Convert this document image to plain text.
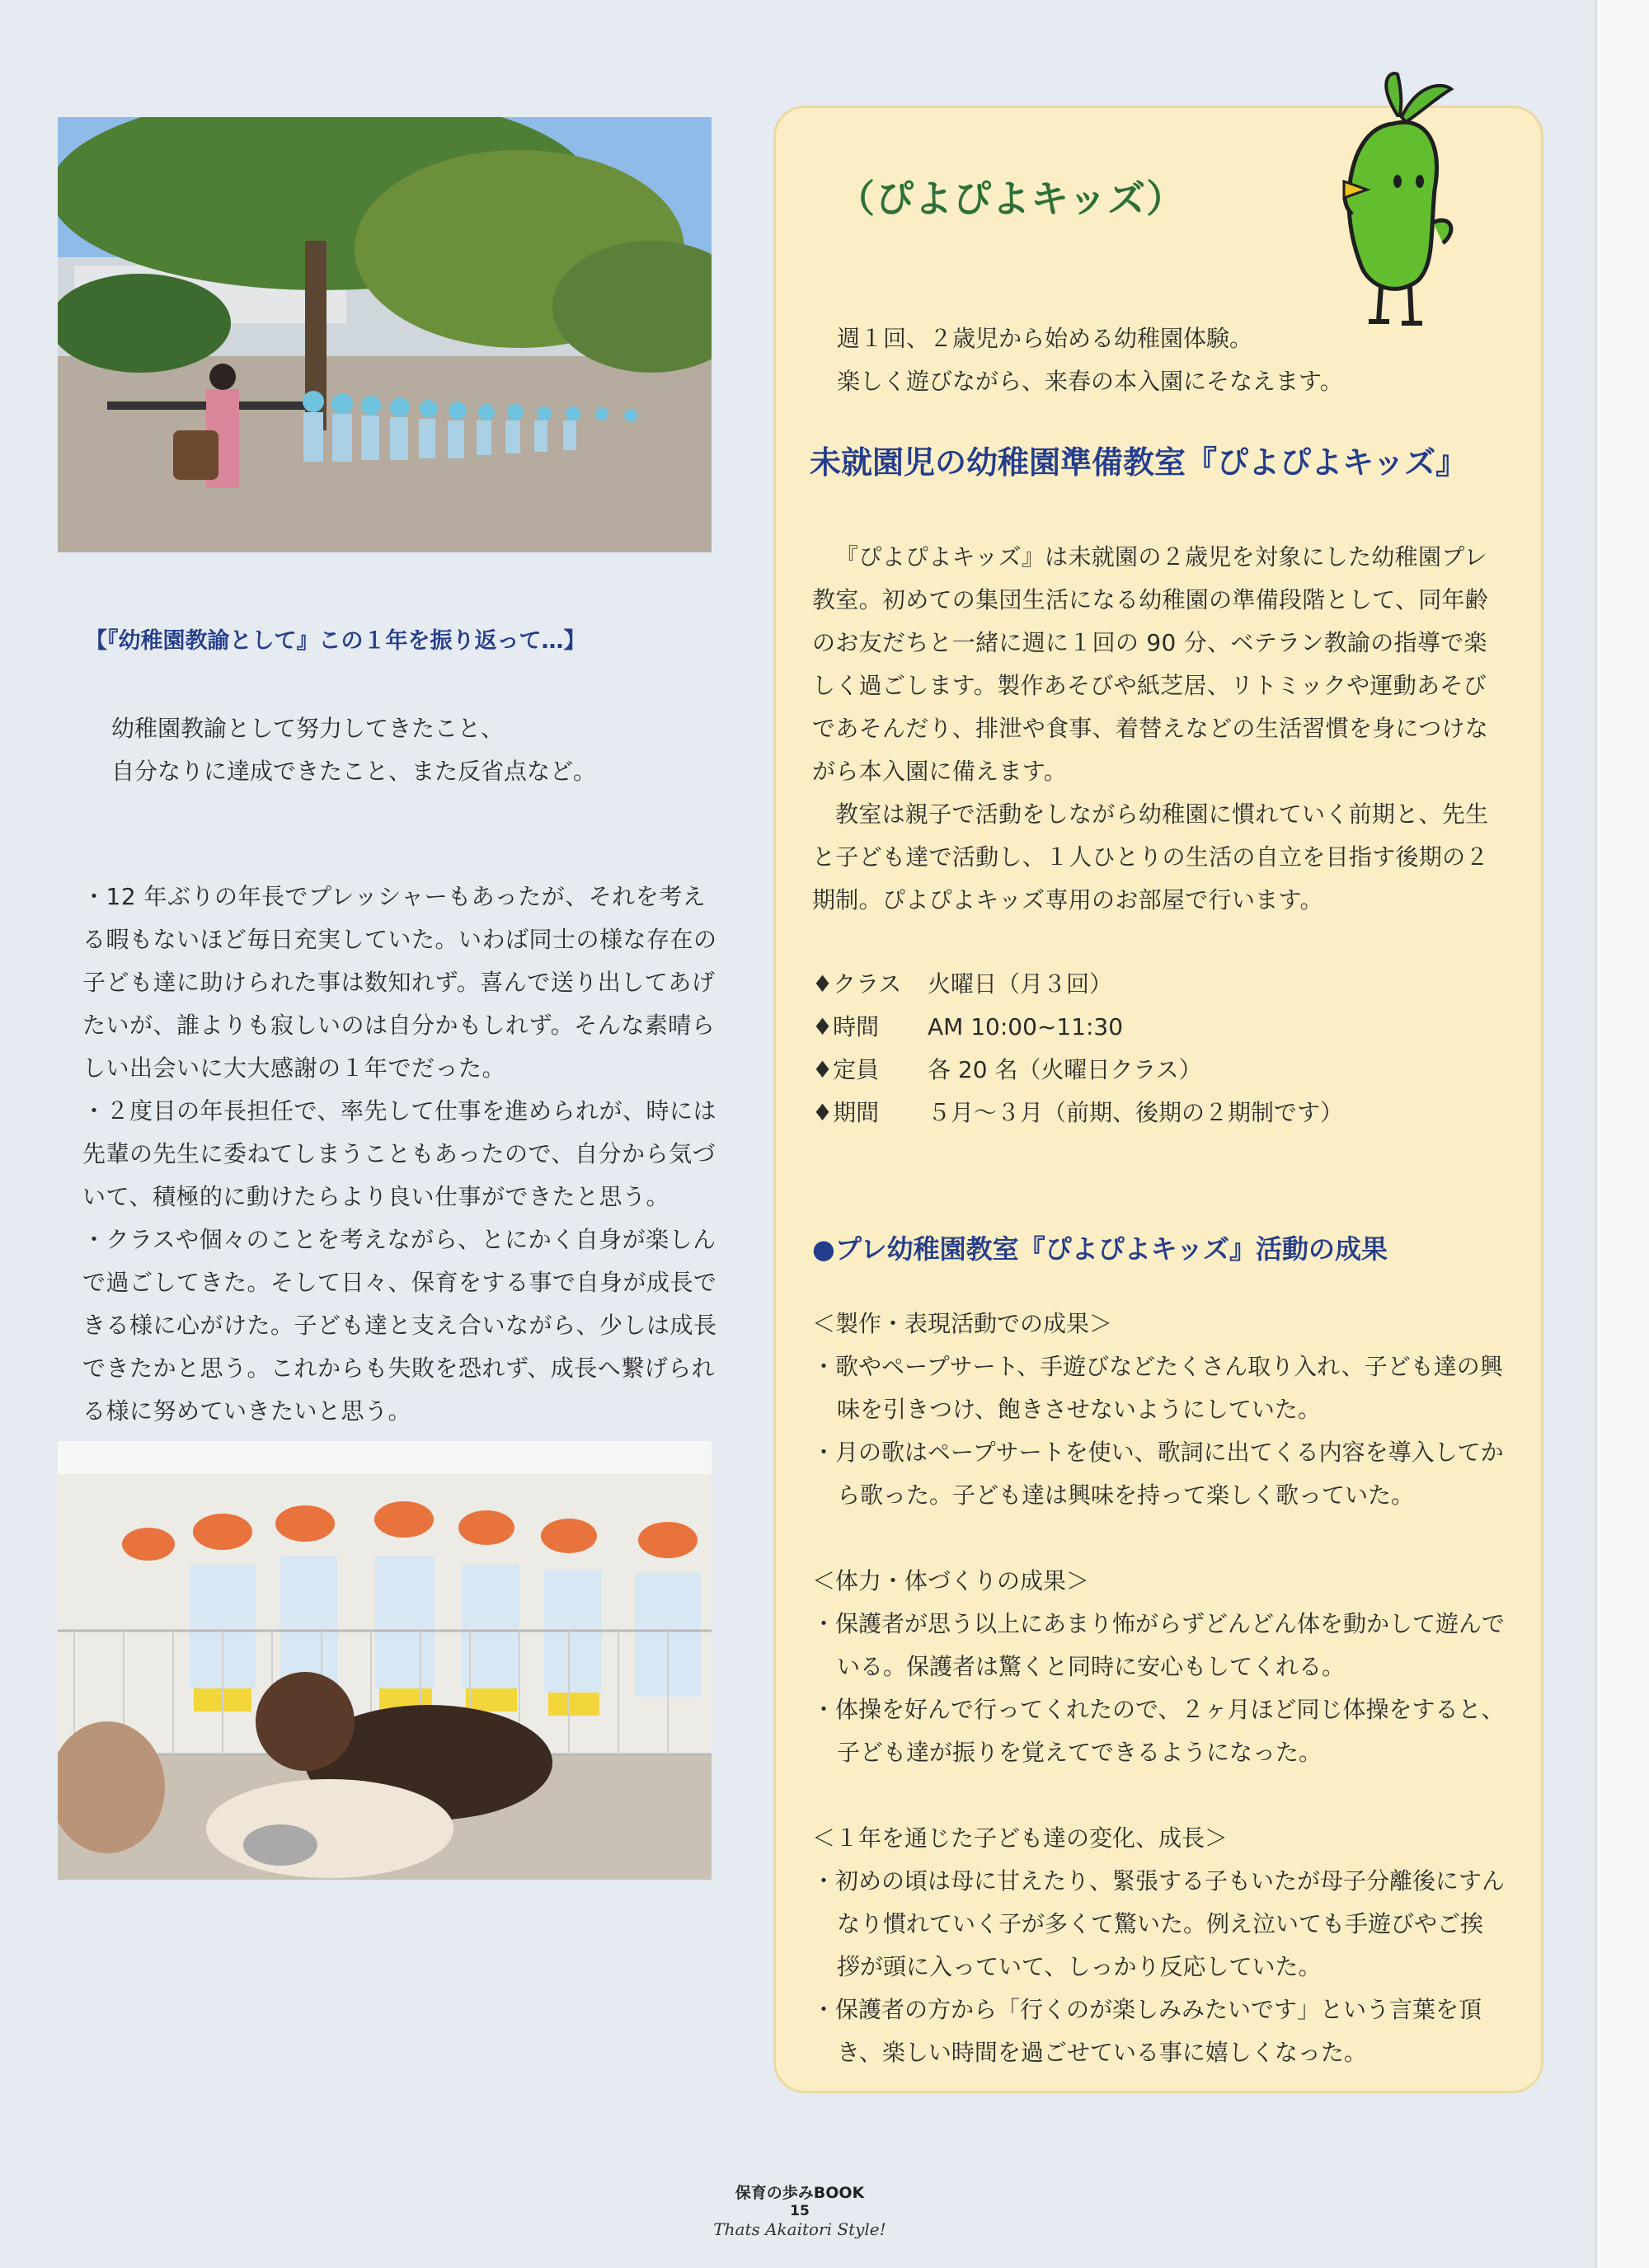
【『幼稚園教諭として』この１年を振り返って…】
幼稚園教諭として努力してきたこと、
自分なりに達成できたこと、また反省点など。

・12 年ぶりの年長でプレッシャーもあったが、それを考える暇もないほど毎日充実していた。いわば同士の様な存在の子ども達に助けられた事は数知れず。喜んで送り出してあげたいが、誰よりも寂しいのは自分かもしれず。そんな素晴らしい出会いに大大感謝の１年でだった。

・２度目の年長担任で、率先して仕事を進められが、時には先輩の先生に委ねてしまうこともあったので、自分から気づいて、積極的に動けたらより良い仕事ができたと思う。

・クラスや個々のことを考えながら、とにかく自身が楽しんで過ごしてきた。そして日々、保育をする事で自身が成長できる様に心がけた。子ども達と支え合いながら、少しは成長できたかと思う。これからも失敗を恐れず、成長へ繋げられる様に努めていきたいと思う。

（ぴよぴよキッズ）
週１回、２歳児から始める幼稚園体験。
楽しく遊びながら、来春の本入園にそなえます。
未就園児の幼稚園準備教室『ぴよぴよキッズ』

『ぴよぴよキッズ』は未就園の２歳児を対象にした幼稚園プレ教室。初めての集団生活になる幼稚園の準備段階として、同年齢のお友だちと一緒に週に１回の 90 分、ベテラン教諭の指導で楽しく過ごします。製作あそびや紙芝居、リトミックや運動あそびであそんだり、排泄や食事、着替えなどの生活習慣を身につけながら本入園に備えます。

教室は親子で活動をしながら幼稚園に慣れていく前期と、先生と子ども達で活動し、１人ひとりの生活の自立を目指す後期の２期制。ぴよぴよキッズ専用のお部屋で行います。

♦クラス	火曜日（月３回）
♦時間	AM 10:00~11:30
♦定員	各 20 名（火曜日クラス）
♦期間	５月～３月（前期、後期の２期制です）
●プレ幼稚園教室『ぴよぴよキッズ』活動の成果

＜製作・表現活動での成果＞

・歌やペープサート、手遊びなどたくさん取り入れ、子ども達の興味を引きつけ、飽きさせないようにしていた。

・月の歌はペープサートを使い、歌詞に出てくる内容を導入してから歌った。子ども達は興味を持って楽しく歌っていた。

＜体力・体づくりの成果＞

・保護者が思う以上にあまり怖がらずどんどん体を動かして遊んでいる。保護者は驚くと同時に安心もしてくれる。

・体操を好んで行ってくれたので、２ヶ月ほど同じ体操をすると、子ども達が振りを覚えてできるようになった。

＜１年を通じた子ども達の変化、成長＞

・初めの頃は母に甘えたり、緊張する子もいたが母子分離後にすんなり慣れていく子が多くて驚いた。例え泣いても手遊びやご挨拶が頭に入っていて、しっかり反応していた。

・保護者の方から「行くのが楽しみみたいです」という言葉を頂き、楽しい時間を過ごせている事に嬉しくなった。

保育の歩みBOOK
15
Thats Akaitori Style!
